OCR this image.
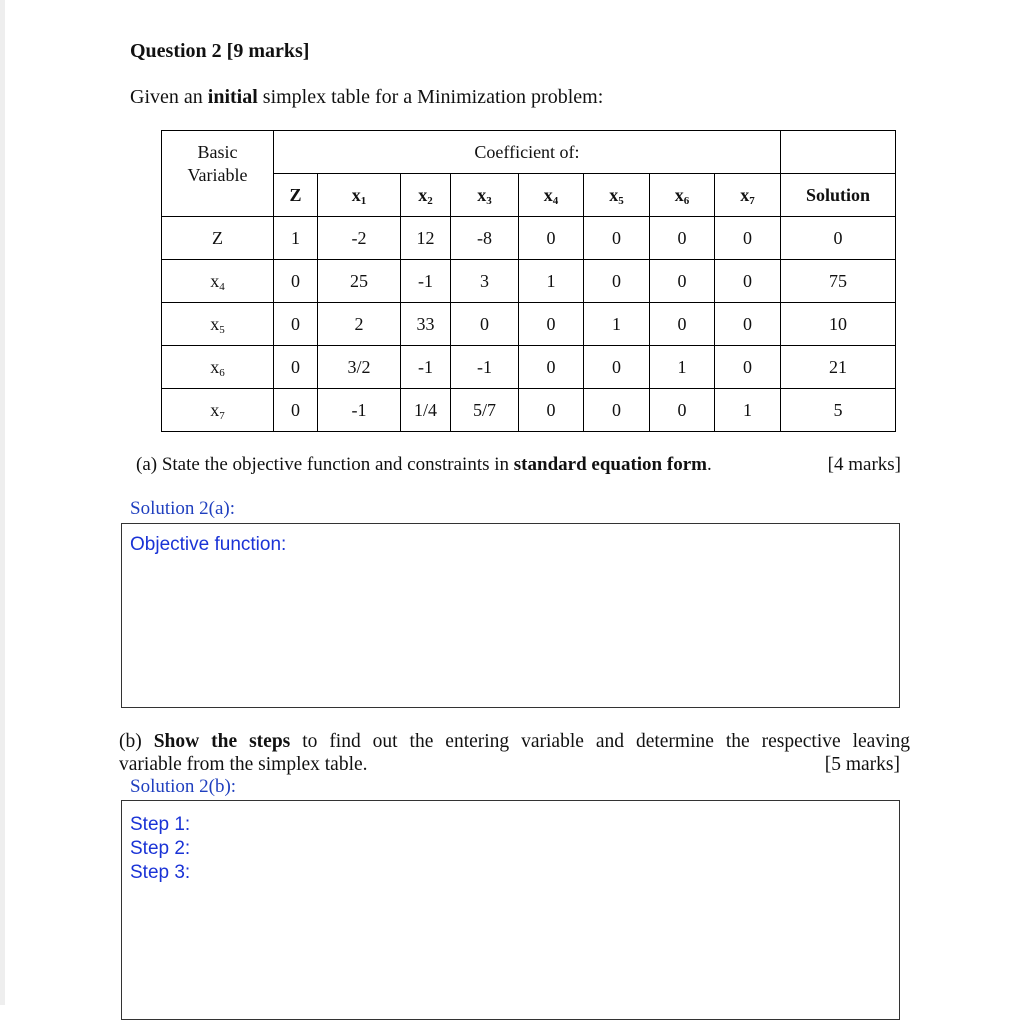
Question 2 [9 marks]
Given an initial simplex table for a Minimization problem:
Basic
Variable	Coefficient of:								
	Z	$x_1$	$x_2$	$x_3$	$x_4$	$x_5$	$x_6$	$x_7$	Solution
Z	1	-2	12	-8	0	0	0	0	0
$x_4$	0	25	-1	3	1	0	0	0	75
$x_5$	0	2	33	0	0	1	0	0	10
$x_6$	0	3/2	-1	-1	0	0	1	0	21
$x_7$	0	-1	1/4	5/7	0	0	0	1	5
(a) State the objective function and constraints in standard equation form.	[4 marks]
Solution 2(a):
Objective function:
(b) Show the steps to find out the entering variable and determine the respective leaving
variable from the simplex table.	[5 marks]
Solution 2(b):
Step 1:
Step 2:
Step 3:
